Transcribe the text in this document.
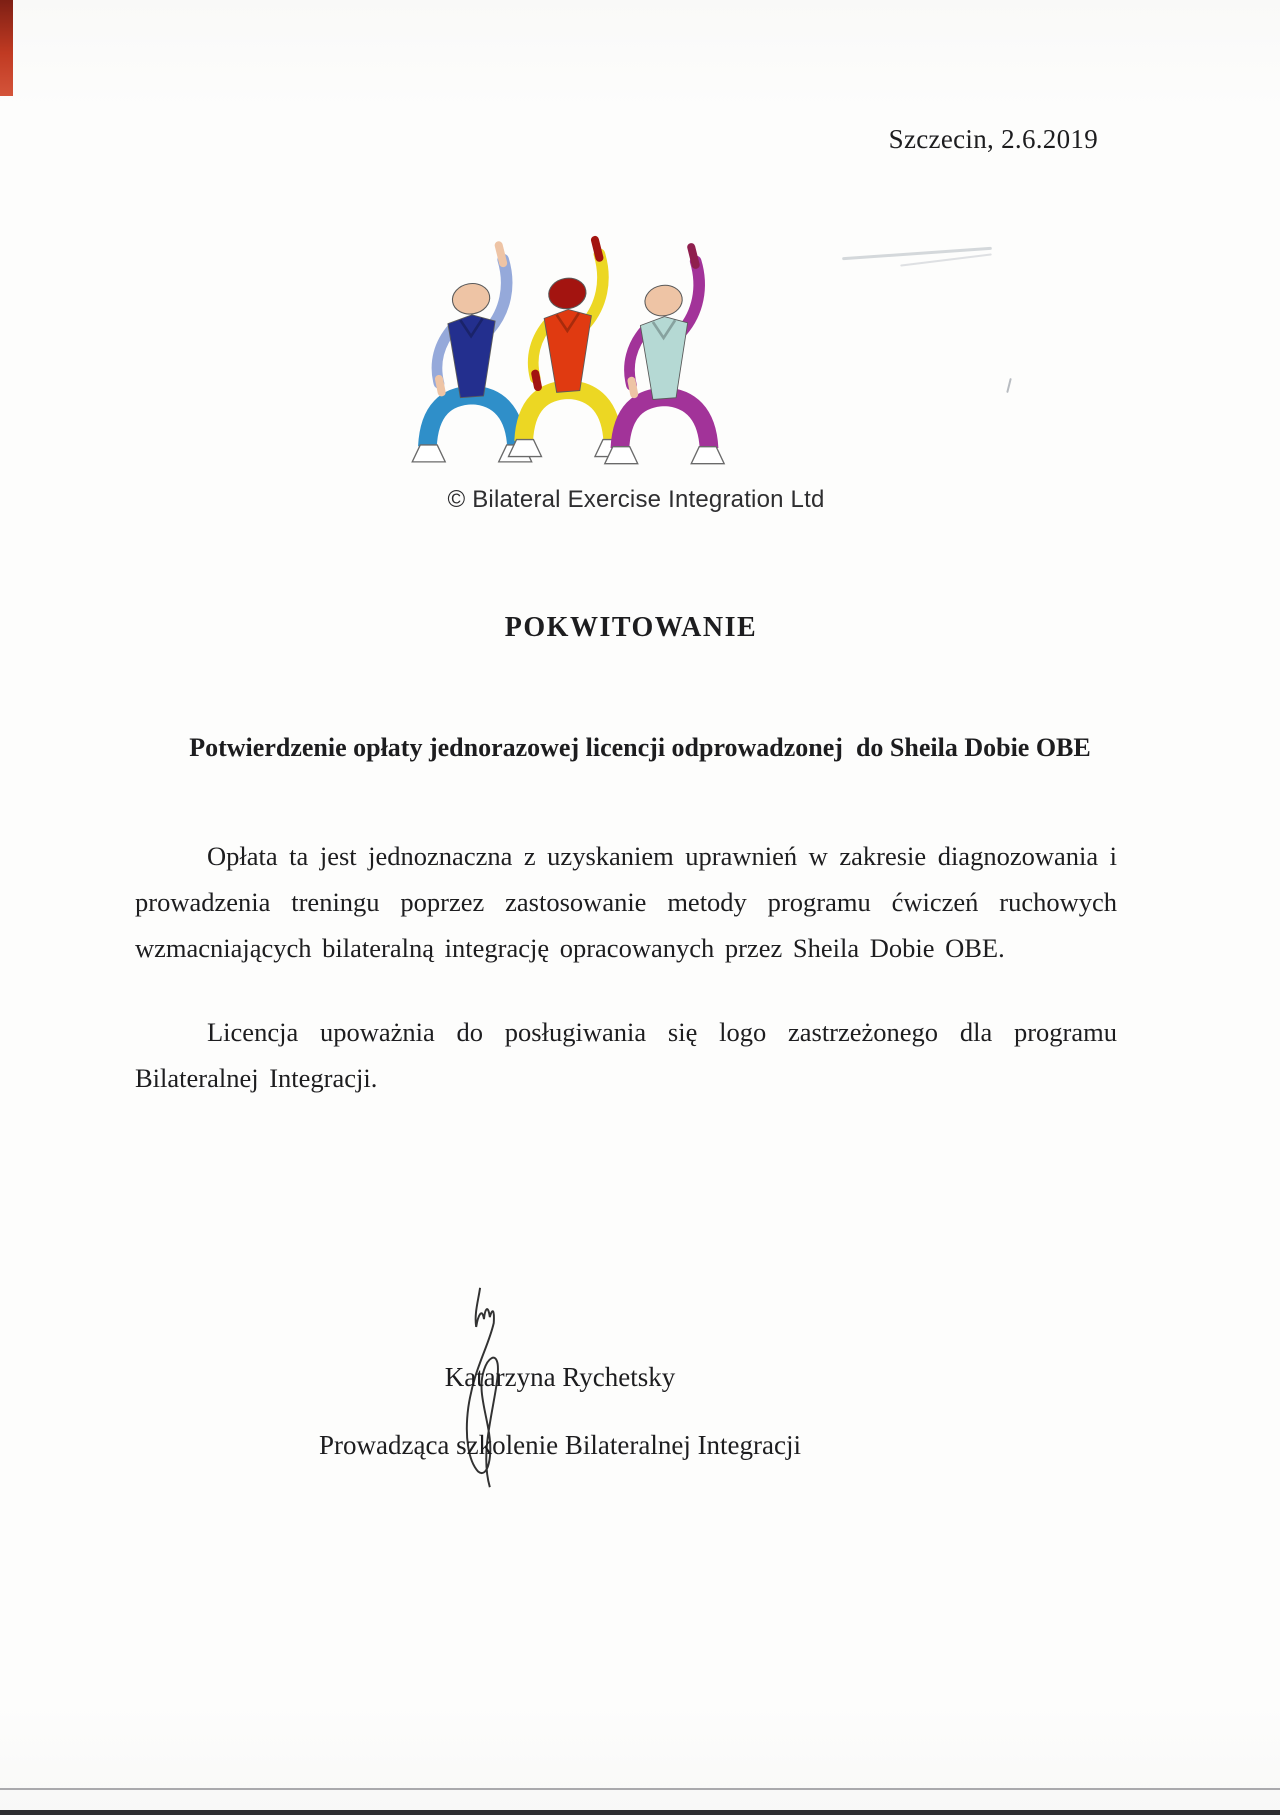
Szczecin, 2.6.2019
© Bilateral Exercise Integration Ltd
POKWITOWANIE
Potwierdzenie opłaty jednorazowej licencji odprowadzonej  do Sheila Dobie OBE

Opłata ta jest jednoznaczna z uzyskaniem uprawnień w zakresie diagnozowania i prowadzenia treningu poprzez zastosowanie metody programu ćwiczeń ruchowych wzmacniających bilateralną integrację opracowanych przez Sheila Dobie OBE.

Licencja upoważnia do posługiwania się logo zastrzeżonego dla programu Bilateralnej Integracji.

Katarzyna Rychetsky
Prowadząca szkolenie Bilateralnej Integracji
